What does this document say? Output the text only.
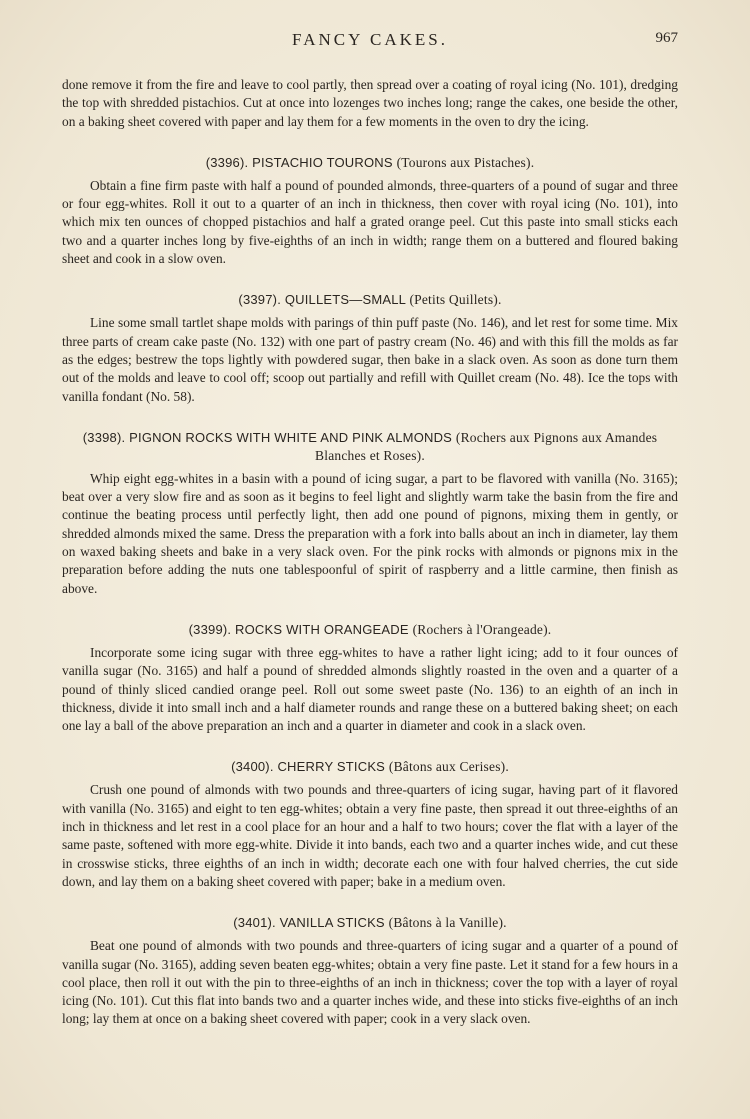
FANCY CAKES.	967

done remove it from the fire and leave to cool partly, then spread over a coating of royal icing (No. 101), dredging the top with shredded pistachios. Cut at once into lozenges two inches long; range the cakes, one beside the other, on a baking sheet covered with paper and lay them for a few moments in the oven to dry the icing.

(3396). PISTACHIO TOURONS (Tourons aux Pistaches).

Obtain a fine firm paste with half a pound of pounded almonds, three-quarters of a pound of sugar and three or four egg-whites. Roll it out to a quarter of an inch in thickness, then cover with royal icing (No. 101), into which mix ten ounces of chopped pistachios and half a grated orange peel. Cut this paste into small sticks each two and a quarter inches long by five-eighths of an inch in width; range them on a buttered and floured baking sheet and cook in a slow oven.

(3397). QUILLETS—SMALL (Petits Quillets).

Line some small tartlet shape molds with parings of thin puff paste (No. 146), and let rest for some time. Mix three parts of cream cake paste (No. 132) with one part of pastry cream (No. 46) and with this fill the molds as far as the edges; bestrew the tops lightly with powdered sugar, then bake in a slack oven. As soon as done turn them out of the molds and leave to cool off; scoop out partially and refill with Quillet cream (No. 48). Ice the tops with vanilla fondant (No. 58).

(3398). PIGNON ROCKS WITH WHITE AND PINK ALMONDS (Rochers aux Pignons aux Amandes Blanches et Roses).

Whip eight egg-whites in a basin with a pound of icing sugar, a part to be flavored with vanilla (No. 3165); beat over a very slow fire and as soon as it begins to feel light and slightly warm take the basin from the fire and continue the beating process until perfectly light, then add one pound of pignons, mixing them in gently, or shredded almonds mixed the same. Dress the preparation with a fork into balls about an inch in diameter, lay them on waxed baking sheets and bake in a very slack oven. For the pink rocks with almonds or pignons mix in the preparation before adding the nuts one tablespoonful of spirit of raspberry and a little carmine, then finish as above.

(3399). ROCKS WITH ORANGEADE (Rochers à l'Orangeade).

Incorporate some icing sugar with three egg-whites to have a rather light icing; add to it four ounces of vanilla sugar (No. 3165) and half a pound of shredded almonds slightly roasted in the oven and a quarter of a pound of thinly sliced candied orange peel. Roll out some sweet paste (No. 136) to an eighth of an inch in thickness, divide it into small inch and a half diameter rounds and range these on a buttered baking sheet; on each one lay a ball of the above preparation an inch and a quarter in diameter and cook in a slack oven.

(3400). CHERRY STICKS (Bâtons aux Cerises).

Crush one pound of almonds with two pounds and three-quarters of icing sugar, having part of it flavored with vanilla (No. 3165) and eight to ten egg-whites; obtain a very fine paste, then spread it out three-eighths of an inch in thickness and let rest in a cool place for an hour and a half to two hours; cover the flat with a layer of the same paste, softened with more egg-white. Divide it into bands, each two and a quarter inches wide, and cut these in crosswise sticks, three eighths of an inch in width; decorate each one with four halved cherries, the cut side down, and lay them on a baking sheet covered with paper; bake in a medium oven.

(3401). VANILLA STICKS (Bâtons à la Vanille).

Beat one pound of almonds with two pounds and three-quarters of icing sugar and a quarter of a pound of vanilla sugar (No. 3165), adding seven beaten egg-whites; obtain a very fine paste. Let it stand for a few hours in a cool place, then roll it out with the pin to three-eighths of an inch in thickness; cover the top with a layer of royal icing (No. 101). Cut this flat into bands two and a quarter inches wide, and these into sticks five-eighths of an inch long; lay them at once on a baking sheet covered with paper; cook in a very slack oven.
